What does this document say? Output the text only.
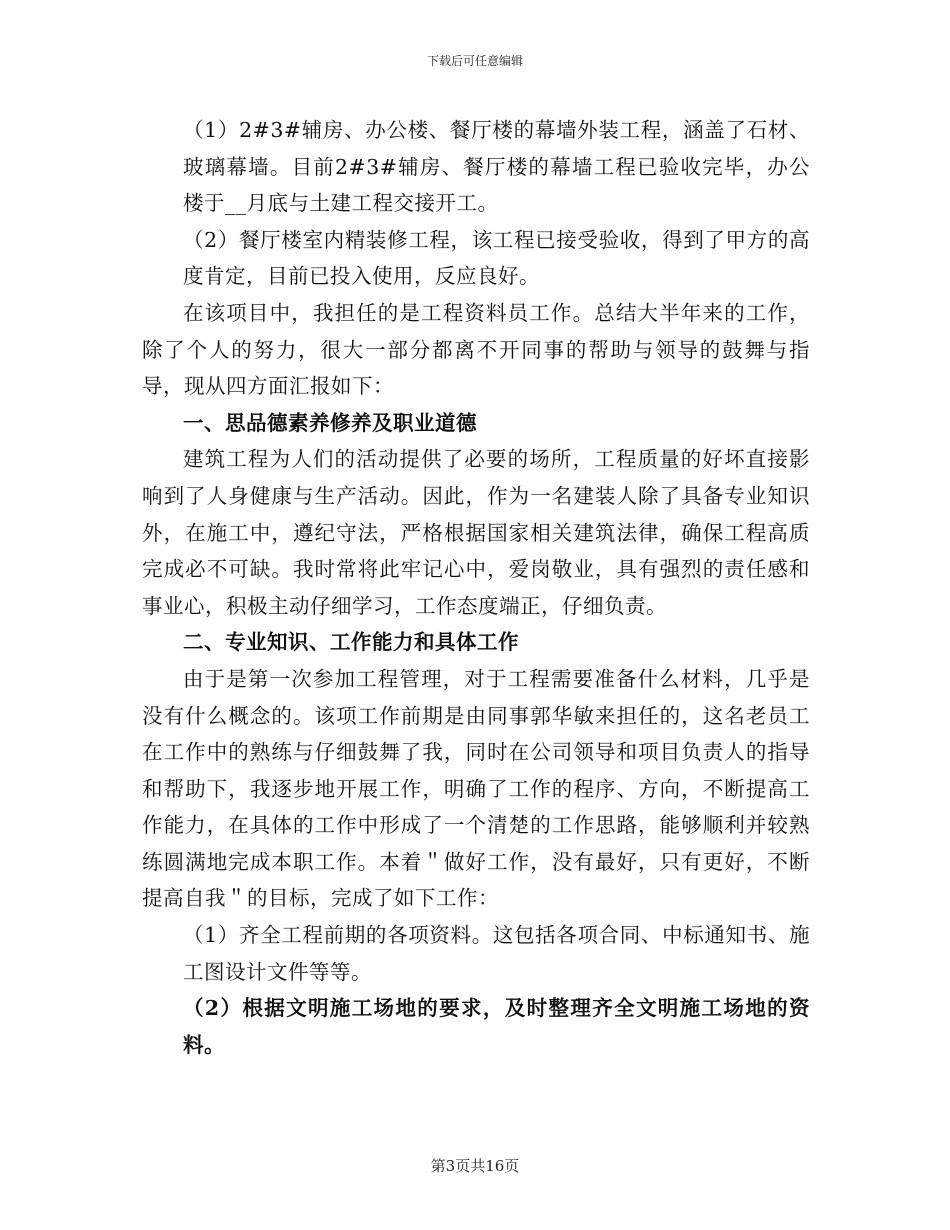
下载后可任意编辑

（1）2#3#辅房、办公楼、餐厅楼的幕墙外装工程，涵盖了石材、玻璃幕墙。目前2#3#辅房、餐厅楼的幕墙工程已验收完毕，办公楼于__月底与土建工程交接开工。

（2）餐厅楼室内精装修工程，该工程已接受验收，得到了甲方的高度肯定，目前已投入使用，反应良好。

在该项目中，我担任的是工程资料员工作。总结大半年来的工作，除了个人的努力，很大一部分都离不开同事的帮助与领导的鼓舞与指导，现从四方面汇报如下：

一、思品德素养修养及职业道德

建筑工程为人们的活动提供了必要的场所，工程质量的好坏直接影响到了人身健康与生产活动。因此，作为一名建装人除了具备专业知识外，在施工中，遵纪守法，严格根据国家相关建筑法律，确保工程高质完成必不可缺。我时常将此牢记心中，爱岗敬业，具有强烈的责任感和事业心，积极主动仔细学习，工作态度端正，仔细负责。

二、专业知识、工作能力和具体工作

由于是第一次参加工程管理，对于工程需要准备什么材料，几乎是没有什么概念的。该项工作前期是由同事郭华敏来担任的，这名老员工在工作中的熟练与仔细鼓舞了我，同时在公司领导和项目负责人的指导和帮助下，我逐步地开展工作，明确了工作的程序、方向，不断提高工作能力，在具体的工作中形成了一个清楚的工作思路，能够顺利并较熟练圆满地完成本职工作。本着＂做好工作，没有最好，只有更好，不断提高自我＂的目标，完成了如下工作：

（1）齐全工程前期的各项资料。这包括各项合同、中标通知书、施工图设计文件等等。

（2）根据文明施工场地的要求，及时整理齐全文明施工场地的资料。

第3页共16页
